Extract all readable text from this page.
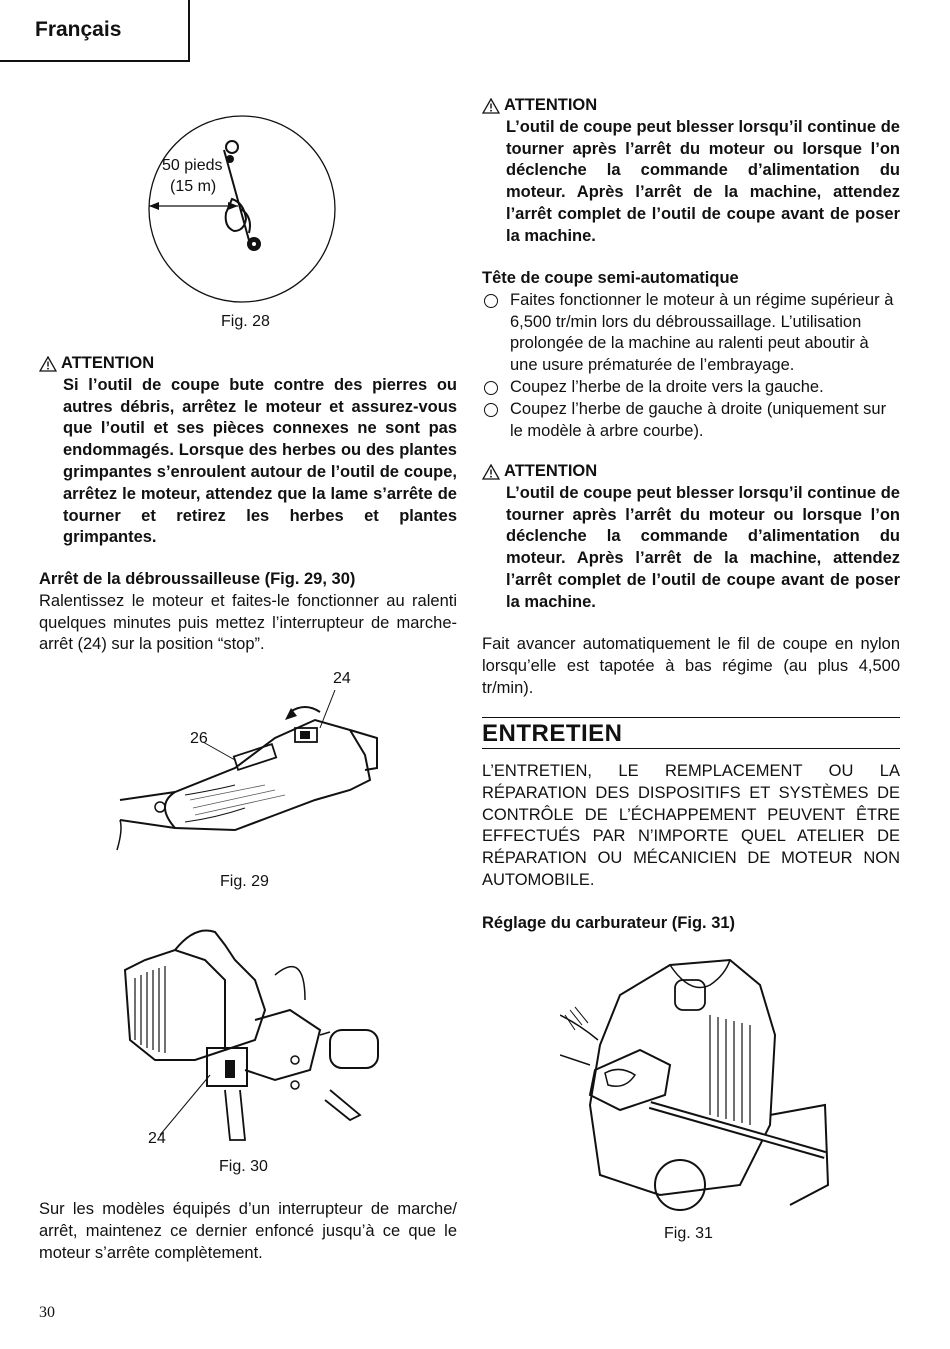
Français
50 pieds
(15 m)
Fig. 28
ATTENTION
Si l’outil de coupe bute contre des pierres ou autres débris, arrêtez le moteur et assurez-vous que l’outil et ses pièces connexes ne sont pas endommagés. Lorsque des herbes ou des plantes grimpantes s’enroulent autour de l’outil de coupe, arrêtez le moteur, attendez que la lame s’arrête de tourner et retirez les herbes et plantes grimpantes.
Arrêt de la débroussailleuse (Fig. 29, 30)
Ralentissez le moteur et faites-le fonctionner au ralenti quelques minutes puis mettez l’interrupteur de marche-arrêt (24) sur la position “stop”.
24
26
Fig. 29
24
Fig. 30
Sur les modèles équipés d’un interrupteur de marche/ arrêt, maintenez ce dernier enfoncé jusqu’à ce que le moteur s’arrête complètement.
ATTENTION
L’outil de coupe peut blesser lorsqu’il continue de tourner après l’arrêt du moteur ou lorsque l’on déclenche la commande d’alimentation du moteur. Après l’arrêt de la machine, attendez l’arrêt complet de l’outil de coupe avant de poser la machine.
Tête de coupe semi-automatique
Faites fonctionner le moteur à un régime supérieur à 6,500 tr/min lors du débroussaillage. L’utilisation prolongée de la machine au ralenti peut aboutir à une usure prématurée de l’embrayage.
Coupez l’herbe de la droite vers la gauche.
Coupez l’herbe de gauche à droite (uniquement sur le modèle à arbre courbe).
ATTENTION
L’outil de coupe peut blesser lorsqu’il continue de tourner après l’arrêt du moteur ou lorsque l’on déclenche la commande d’alimentation du moteur. Après l’arrêt de la machine, attendez l’arrêt complet de l’outil de coupe avant de poser la machine.
Fait avancer automatiquement le fil de coupe en nylon lorsqu’elle est tapotée à bas régime (au plus 4,500 tr/min).
ENTRETIEN
L’ENTRETIEN, LE REMPLACEMENT OU LA RÉPARATION DES DISPOSITIFS ET SYSTÈMES DE CONTRÔLE DE L’ÉCHAPPEMENT PEUVENT ÊTRE EFFECTUÉS PAR N’IMPORTE QUEL ATELIER DE RÉPARATION OU MÉCANICIEN DE MOTEUR NON AUTOMOBILE.
Réglage du carburateur (Fig. 31)
Fig. 31
30
